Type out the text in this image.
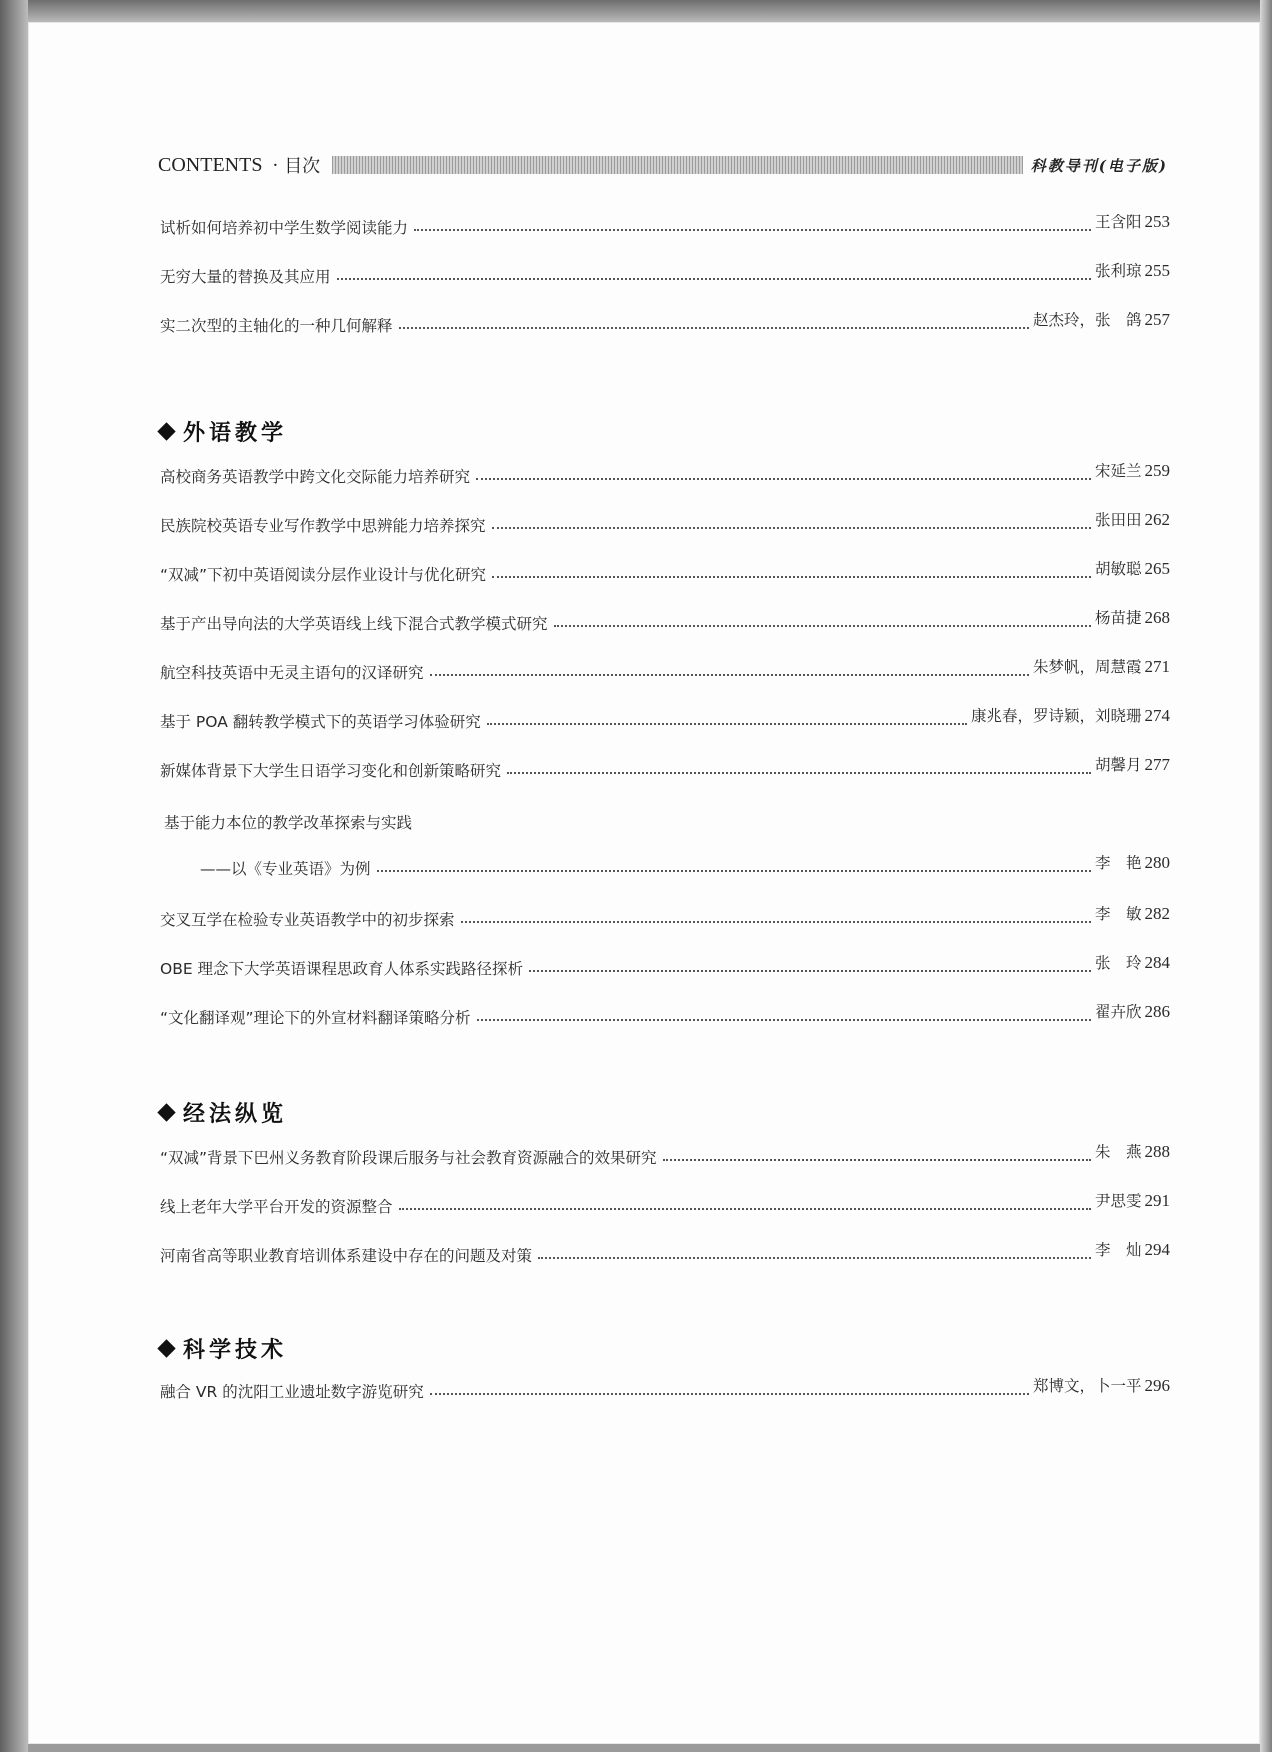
CONTENTS · 目次	科教导刊(电子版)
试析如何培养初中学生数学阅读能力	王含阳 253
无穷大量的替换及其应用	张利琼 255
实二次型的主轴化的一种几何解释	赵杰玲，张　鸽 257
外语教学
高校商务英语教学中跨文化交际能力培养研究	宋延兰 259
民族院校英语专业写作教学中思辨能力培养探究	张田田 262
“双减”下初中英语阅读分层作业设计与优化研究	胡敏聪 265
基于产出导向法的大学英语线上线下混合式教学模式研究	杨苗捷 268
航空科技英语中无灵主语句的汉译研究	朱梦帆，周慧霞 271
基于 POA 翻转教学模式下的英语学习体验研究	康兆春，罗诗颖，刘晓珊 274
新媒体背景下大学生日语学习变化和创新策略研究	胡馨月 277
基于能力本位的教学改革探索与实践
——以《专业英语》为例	李　艳 280
交叉互学在检验专业英语教学中的初步探索	李　敏 282
OBE 理念下大学英语课程思政育人体系实践路径探析	张　玲 284
“文化翻译观”理论下的外宣材料翻译策略分析	翟卉欣 286
经法纵览
“双减”背景下巴州义务教育阶段课后服务与社会教育资源融合的效果研究	朱　燕 288
线上老年大学平台开发的资源整合	尹思雯 291
河南省高等职业教育培训体系建设中存在的问题及对策	李　灿 294
科学技术
融合 VR 的沈阳工业遗址数字游览研究	郑博文，卜一平 296
